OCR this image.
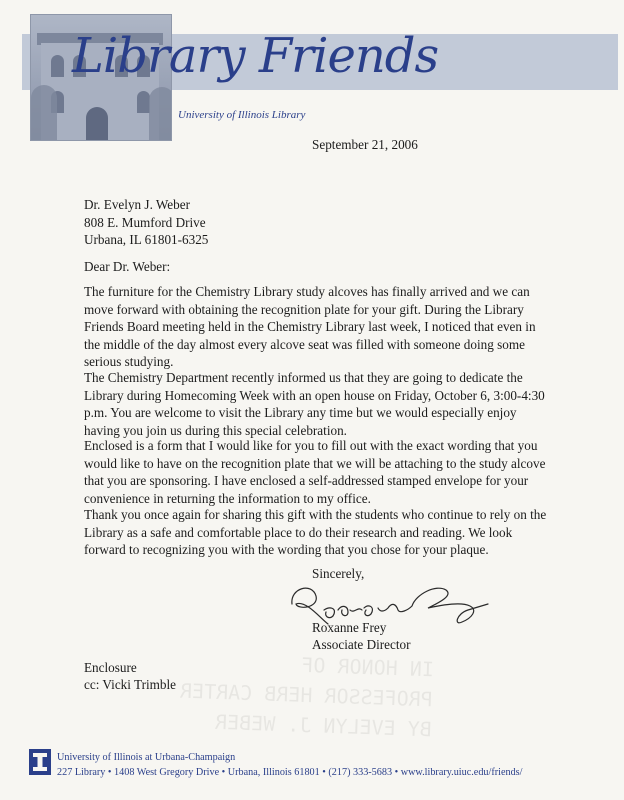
Library Friends
University of Illinois Library
September 21, 2006
Dr. Evelyn J. Weber
808 E. Mumford Drive
Urbana, IL 61801-6325
Dear Dr. Weber:
The furniture for the Chemistry Library study alcoves has finally arrived and we can move forward with obtaining the recognition plate for your gift. During the Library Friends Board meeting held in the Chemistry Library last week, I noticed that even in the middle of the day almost every alcove seat was filled with someone doing some serious studying.
The Chemistry Department recently informed us that they are going to dedicate the Library during Homecoming Week with an open house on Friday, October 6, 3:00-4:30 p.m. You are welcome to visit the Library any time but we would especially enjoy having you join us during this special celebration.
Enclosed is a form that I would like for you to fill out with the exact wording that you would like to have on the recognition plate that we will be attaching to the study alcove that you are sponsoring. I have enclosed a self-addressed stamped envelope for your convenience in returning the information to my office.
Thank you once again for sharing this gift with the students who continue to rely on the Library as a safe and comfortable place to do their research and reading. We look forward to recognizing you with the wording that you chose for your plaque.
Sincerely,
Roxanne Frey
Associate Director
Enclosure
cc: Vicki Trimble
IN HONOR OF
PROFESSOR HERB CARTER
BY EVELYN J. WEBER
University of Illinois at Urbana-Champaign
227 Library • 1408 West Gregory Drive • Urbana, Illinois 61801 • (217) 333-5683 • www.library.uiuc.edu/friends/
